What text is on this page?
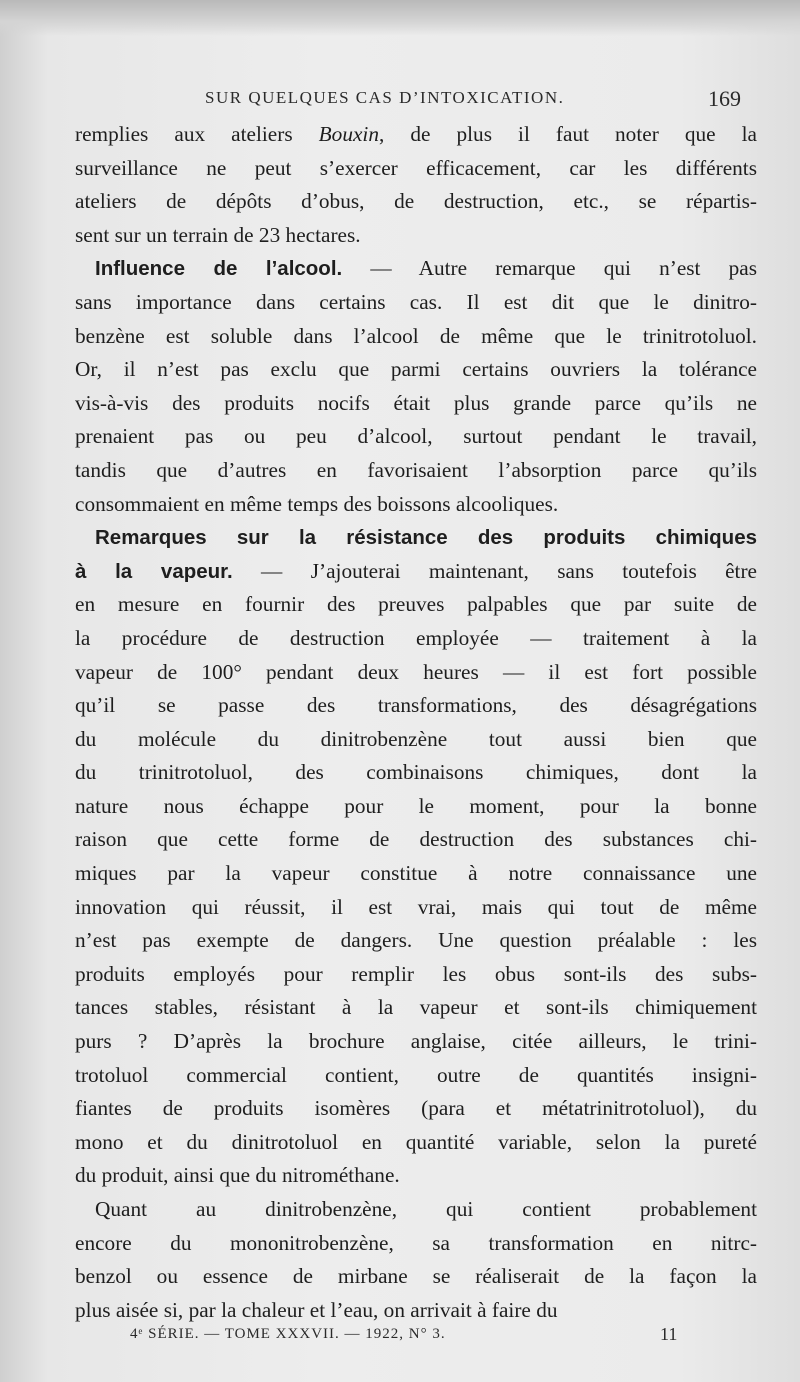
SUR QUELQUES CAS D’INTOXICATION.	169
remplies aux ateliers Bouxin, de plus il faut noter que la
surveillance ne peut s’exercer efficacement, car les différents
ateliers de dépôts d’obus, de destruction, etc., se répartis-
sent sur un terrain de 23 hectares.
Influence de l’alcool. — Autre remarque qui n’est pas
sans importance dans certains cas. Il est dit que le dinitro-
benzène est soluble dans l’alcool de même que le trinitrotoluol.
Or, il n’est pas exclu que parmi certains ouvriers la tolérance
vis-à-vis des produits nocifs était plus grande parce qu’ils ne
prenaient pas ou peu d’alcool, surtout pendant le travail,
tandis que d’autres en favorisaient l’absorption parce qu’ils
consommaient en même temps des boissons alcooliques.
Remarques sur la résistance des produits chimiques
à la vapeur. — J’ajouterai maintenant, sans toutefois être
en mesure en fournir des preuves palpables que par suite de
la procédure de destruction employée — traitement à la
vapeur de 100° pendant deux heures — il est fort possible
qu’il se passe des transformations, des désagrégations
du molécule du dinitrobenzène tout aussi bien que
du trinitrotoluol, des combinaisons chimiques, dont la
nature nous échappe pour le moment, pour la bonne
raison que cette forme de destruction des substances chi-
miques par la vapeur constitue à notre connaissance une
innovation qui réussit, il est vrai, mais qui tout de même
n’est pas exempte de dangers. Une question préalable : les
produits employés pour remplir les obus sont-ils des subs-
tances stables, résistant à la vapeur et sont-ils chimiquement
purs ? D’après la brochure anglaise, citée ailleurs, le trini-
trotoluol commercial contient, outre de quantités insigni-
fiantes de produits isomères (para et métatrinitrotoluol), du
mono et du dinitrotoluol en quantité variable, selon la pureté
du produit, ainsi que du nitrométhane.
Quant au dinitrobenzène, qui contient probablement
encore du mononitrobenzène, sa transformation en nitrc-
benzol ou essence de mirbane se réaliserait de la façon la
plus aisée si, par la chaleur et l’eau, on arrivait à faire du
4ᵉ SÉRIE. — TOME XXXVII. — 1922, N° 3.	11
